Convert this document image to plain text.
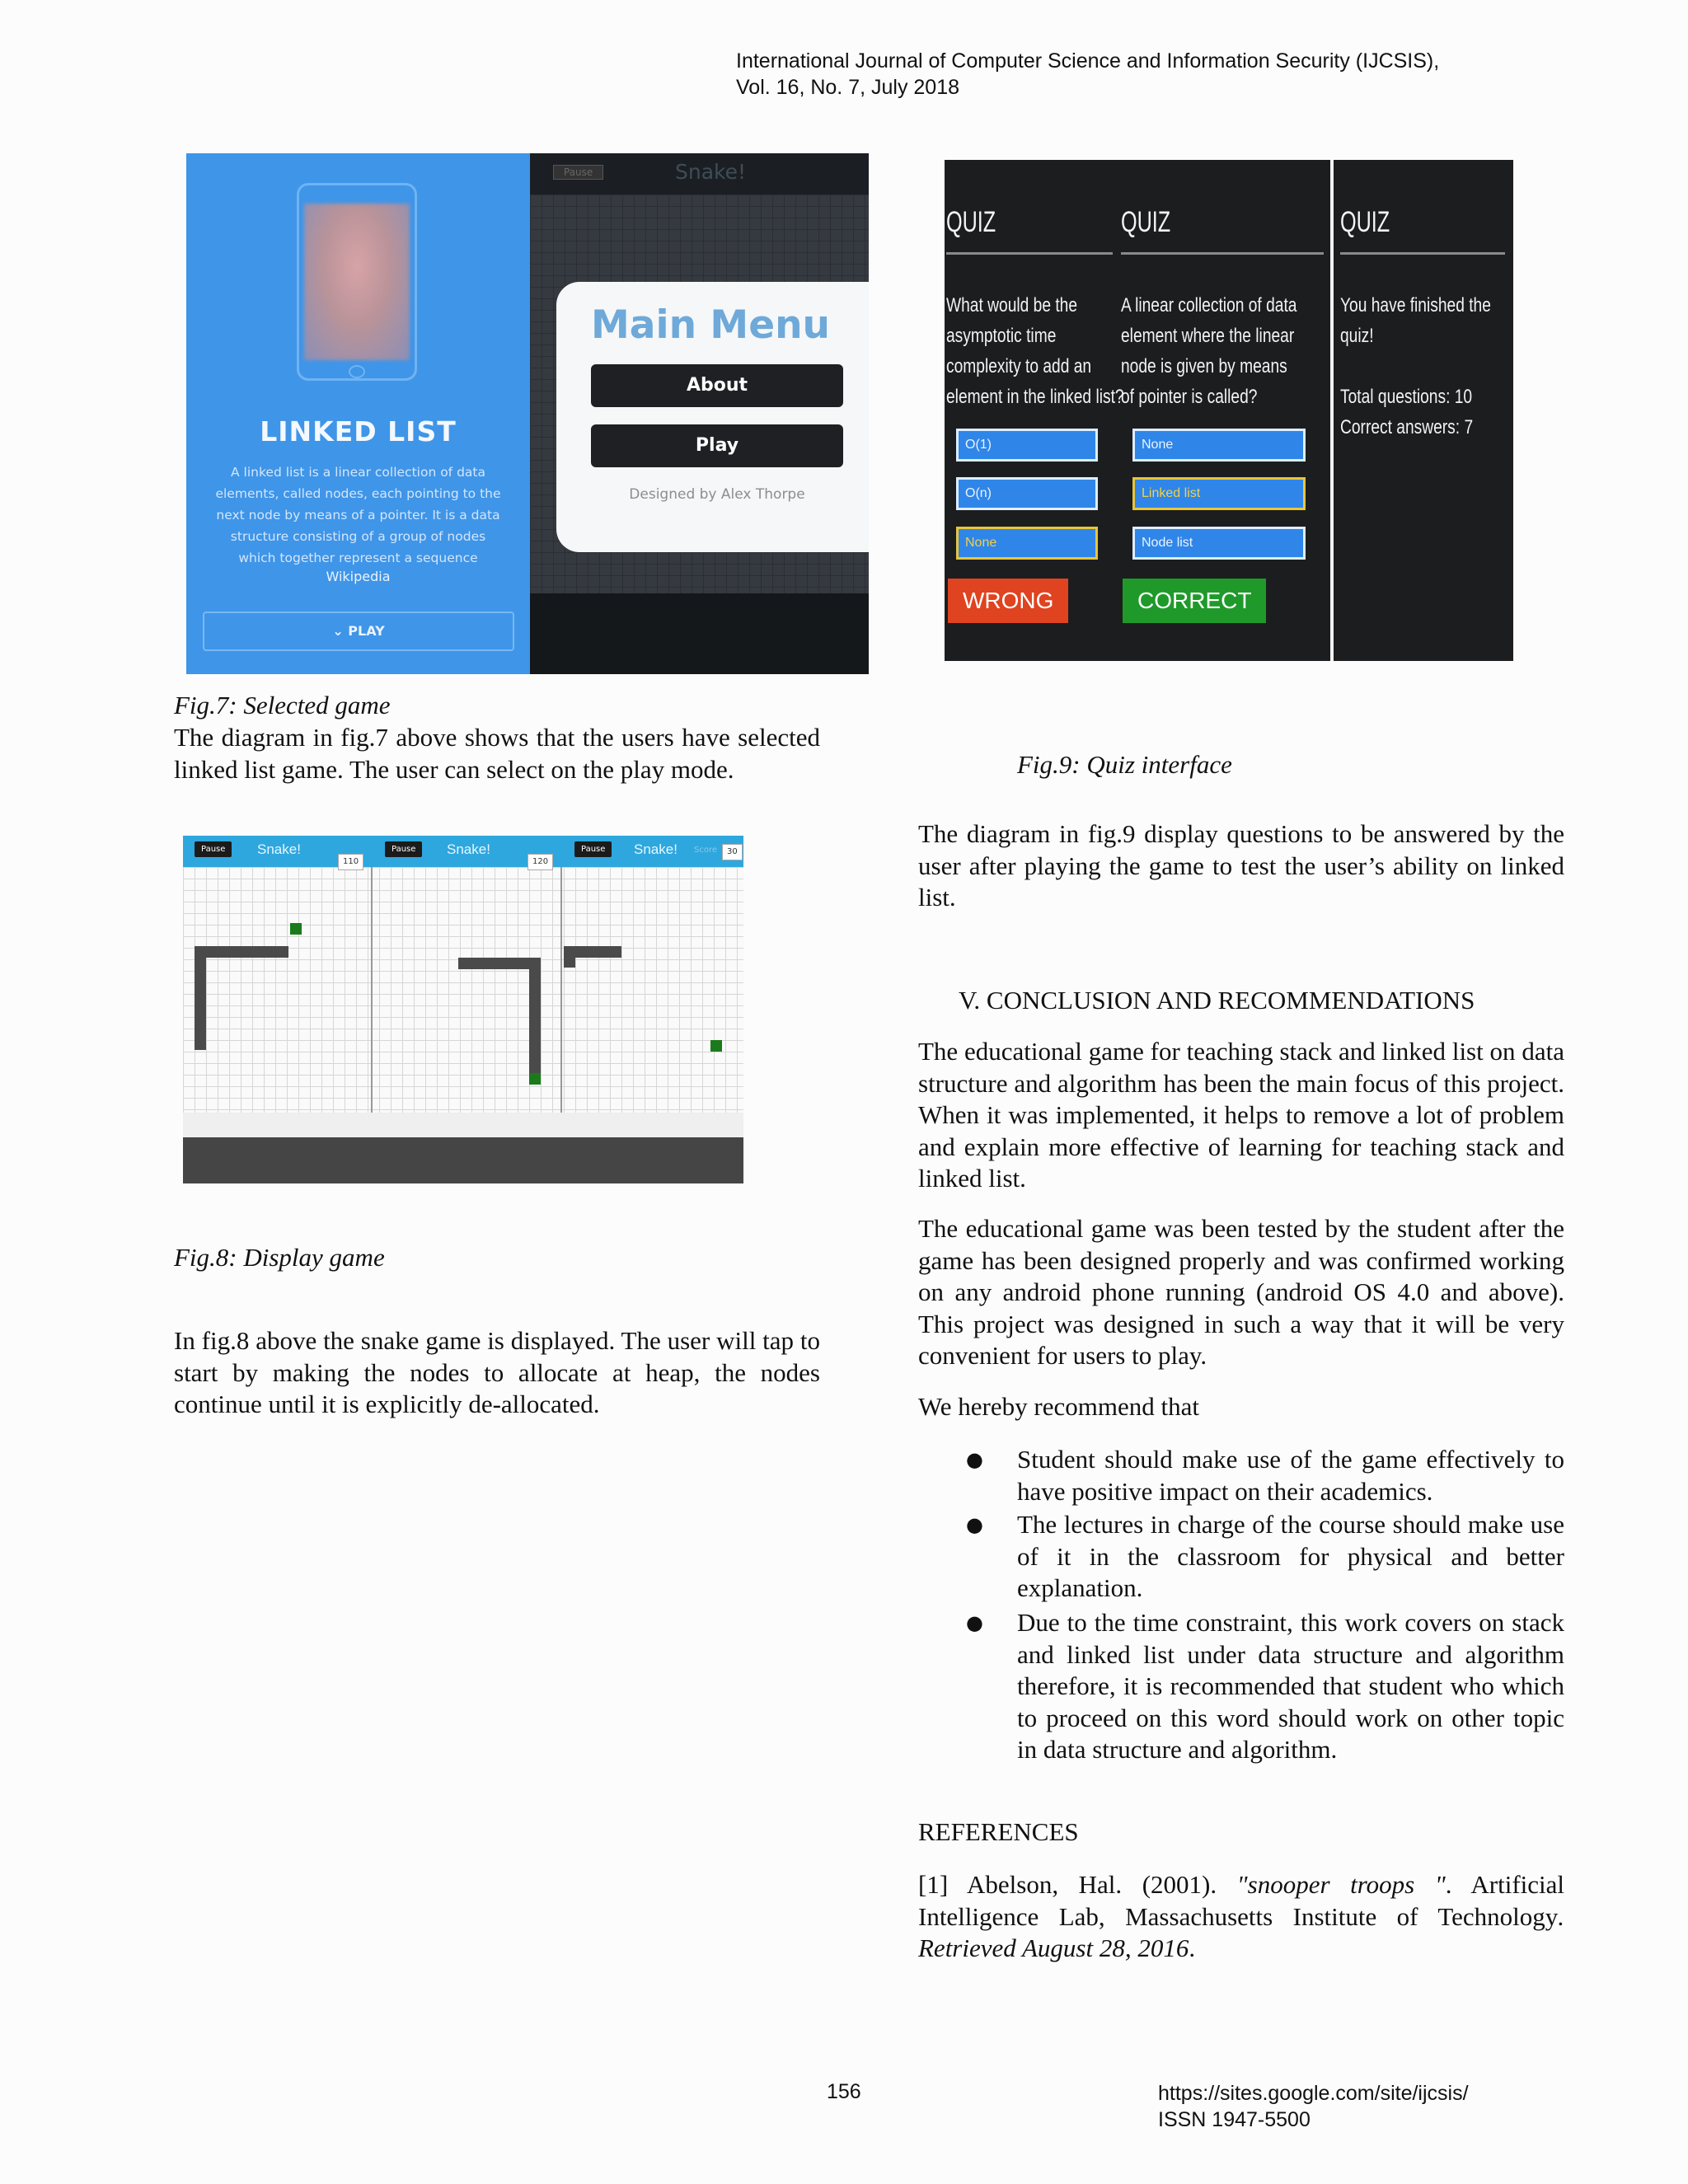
International Journal of Computer Science and Information Security (IJCSIS),
Vol. 16, No. 7, July 2018
LINKED LIST
A linked list is a linear collection of data elements, called nodes, each pointing to the next node by means of a pointer. It is a data structure consisting of a group of nodes which together represent a sequence
Wikipedia
⌄ PLAY
Pause	Snake!
Main Menu
About
Play
Designed by Alex Thorpe
Fig.7: Selected game
The diagram in fig.7 above shows that the users have selected linked list game. The user can select on the play mode.
QUIZ
What would be the
asymptotic time
complexity to add an
element in the linked list?
O(1)
O(n)
None
WRONG
QUIZ
A linear collection of data
element where the linear
node is given by means
of pointer is called?
None
Linked list
Node list
CORRECT
QUIZ
You have finished the
quiz!
Total questions: 10
Correct answers: 7
Fig.9: Quiz interface
Pause	Snake!	Pause	Snake!	Pause	Snake! Score
110	120
30
Fig.8: Display game
In fig.8 above the snake game is displayed. The user will tap to start by making the nodes to allocate at heap, the nodes continue until it is explicitly de-allocated.
The diagram in fig.9 display questions to be answered by the user after playing the game to test the user’s ability on linked list.
V. CONCLUSION AND RECOMMENDATIONS
The educational game for teaching stack and linked list on data structure and algorithm has been the main focus of this project. When it was implemented, it helps to remove a lot of problem and explain more effective of learning for teaching stack and linked list.
The educational game was been tested by the student after the game has been designed properly and was confirmed working on any android phone running (android OS 4.0 and above). This project was designed in such a way that it will be very convenient for users to play.
We hereby recommend that
● Student should make use of the game effectively to have positive impact on their academics.
● The lectures in charge of the course should make use of it in the classroom for physical and better explanation.
● Due to the time constraint, this work covers on stack and linked list under data structure and algorithm therefore, it is recommended that student who which to proceed on this word should work on other topic in data structure and algorithm.
REFERENCES
[1] Abelson, Hal. (2001). "snooper troops ". Artificial Intelligence Lab, Massachusetts Institute of Technology. Retrieved August 28, 2016.
156	https://sites.google.com/site/ijcsis/
ISSN 1947-5500
